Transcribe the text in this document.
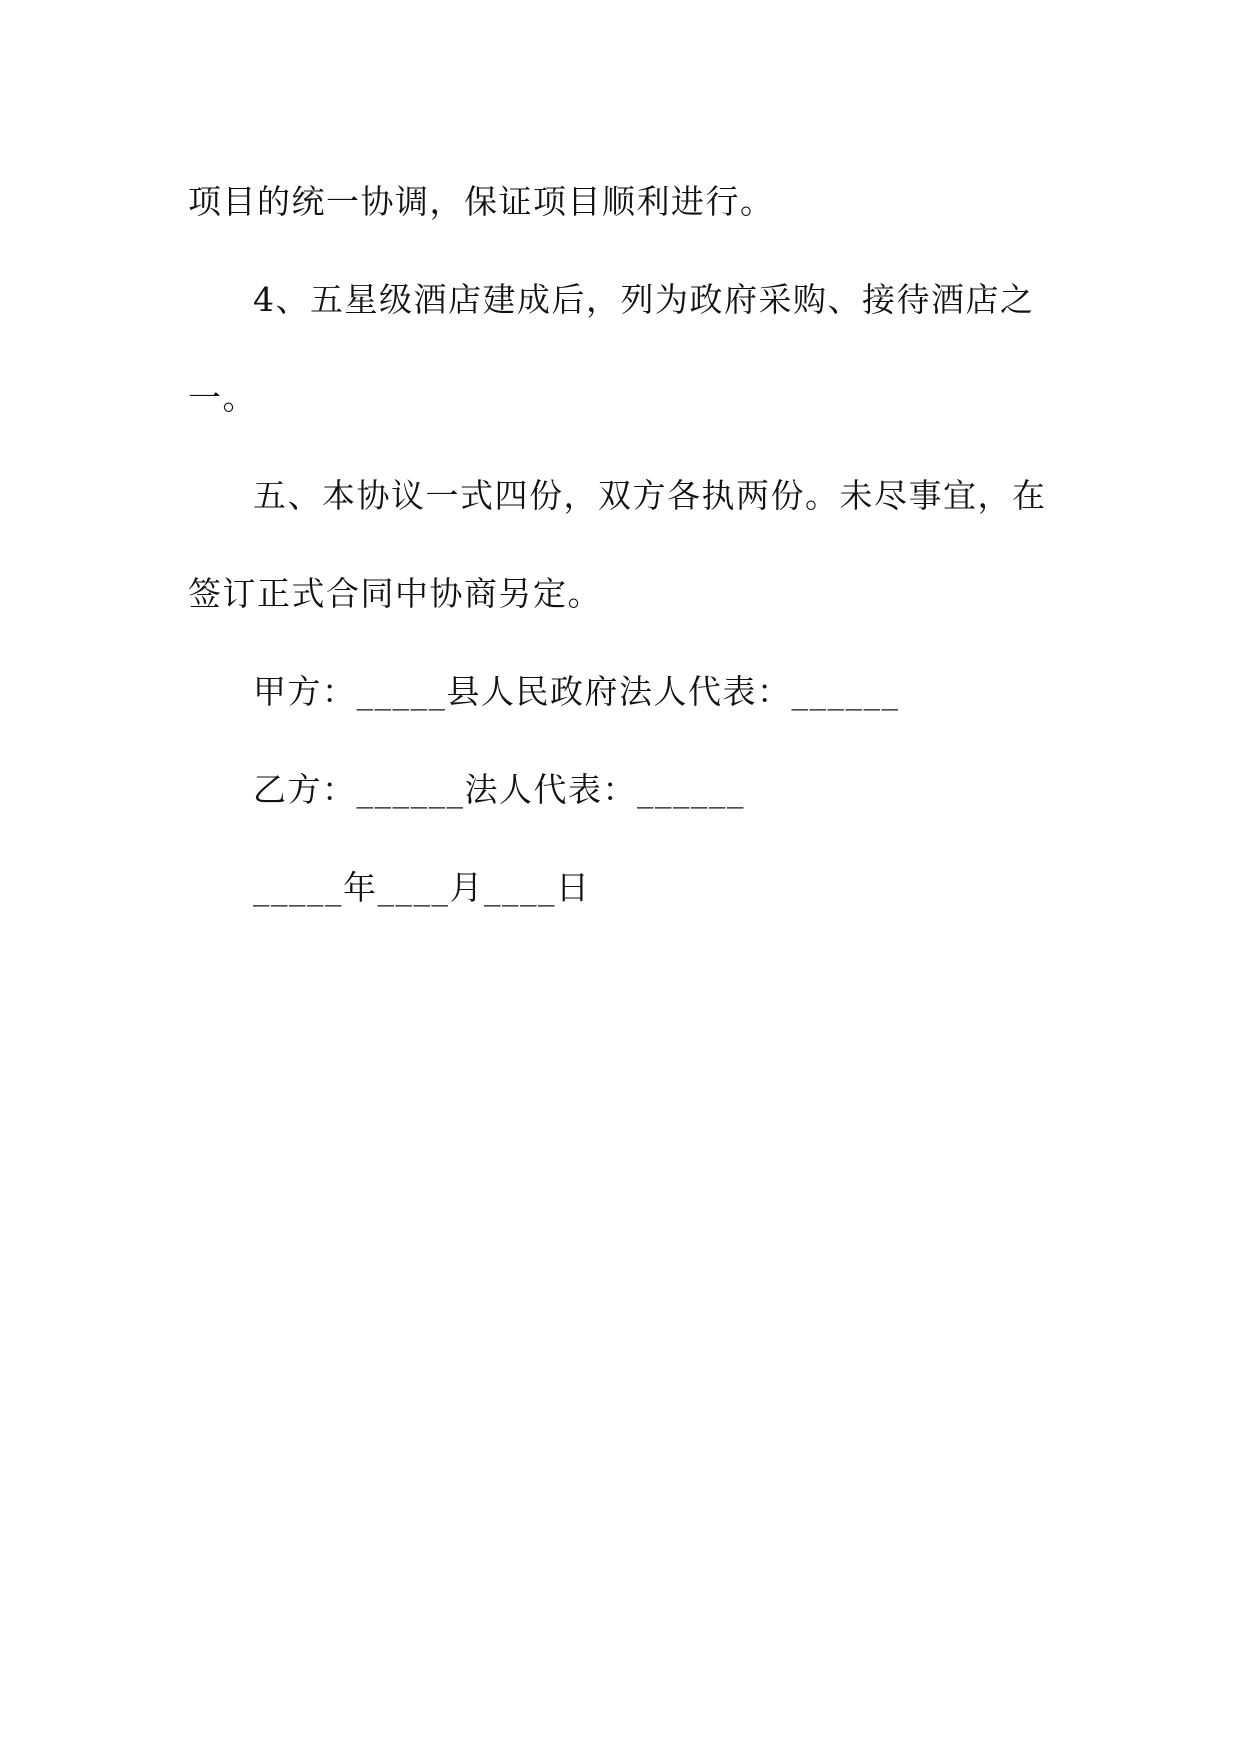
项目的统一协调，保证项目顺利进行。
4、五星级酒店建成后，列为政府采购、接待酒店之
一。
五、本协议一式四份，双方各执两份。未尽事宜，在
签订正式合同中协商另定。
甲方：_____县人民政府法人代表：______
乙方：______法人代表：______
_____年____月____日
